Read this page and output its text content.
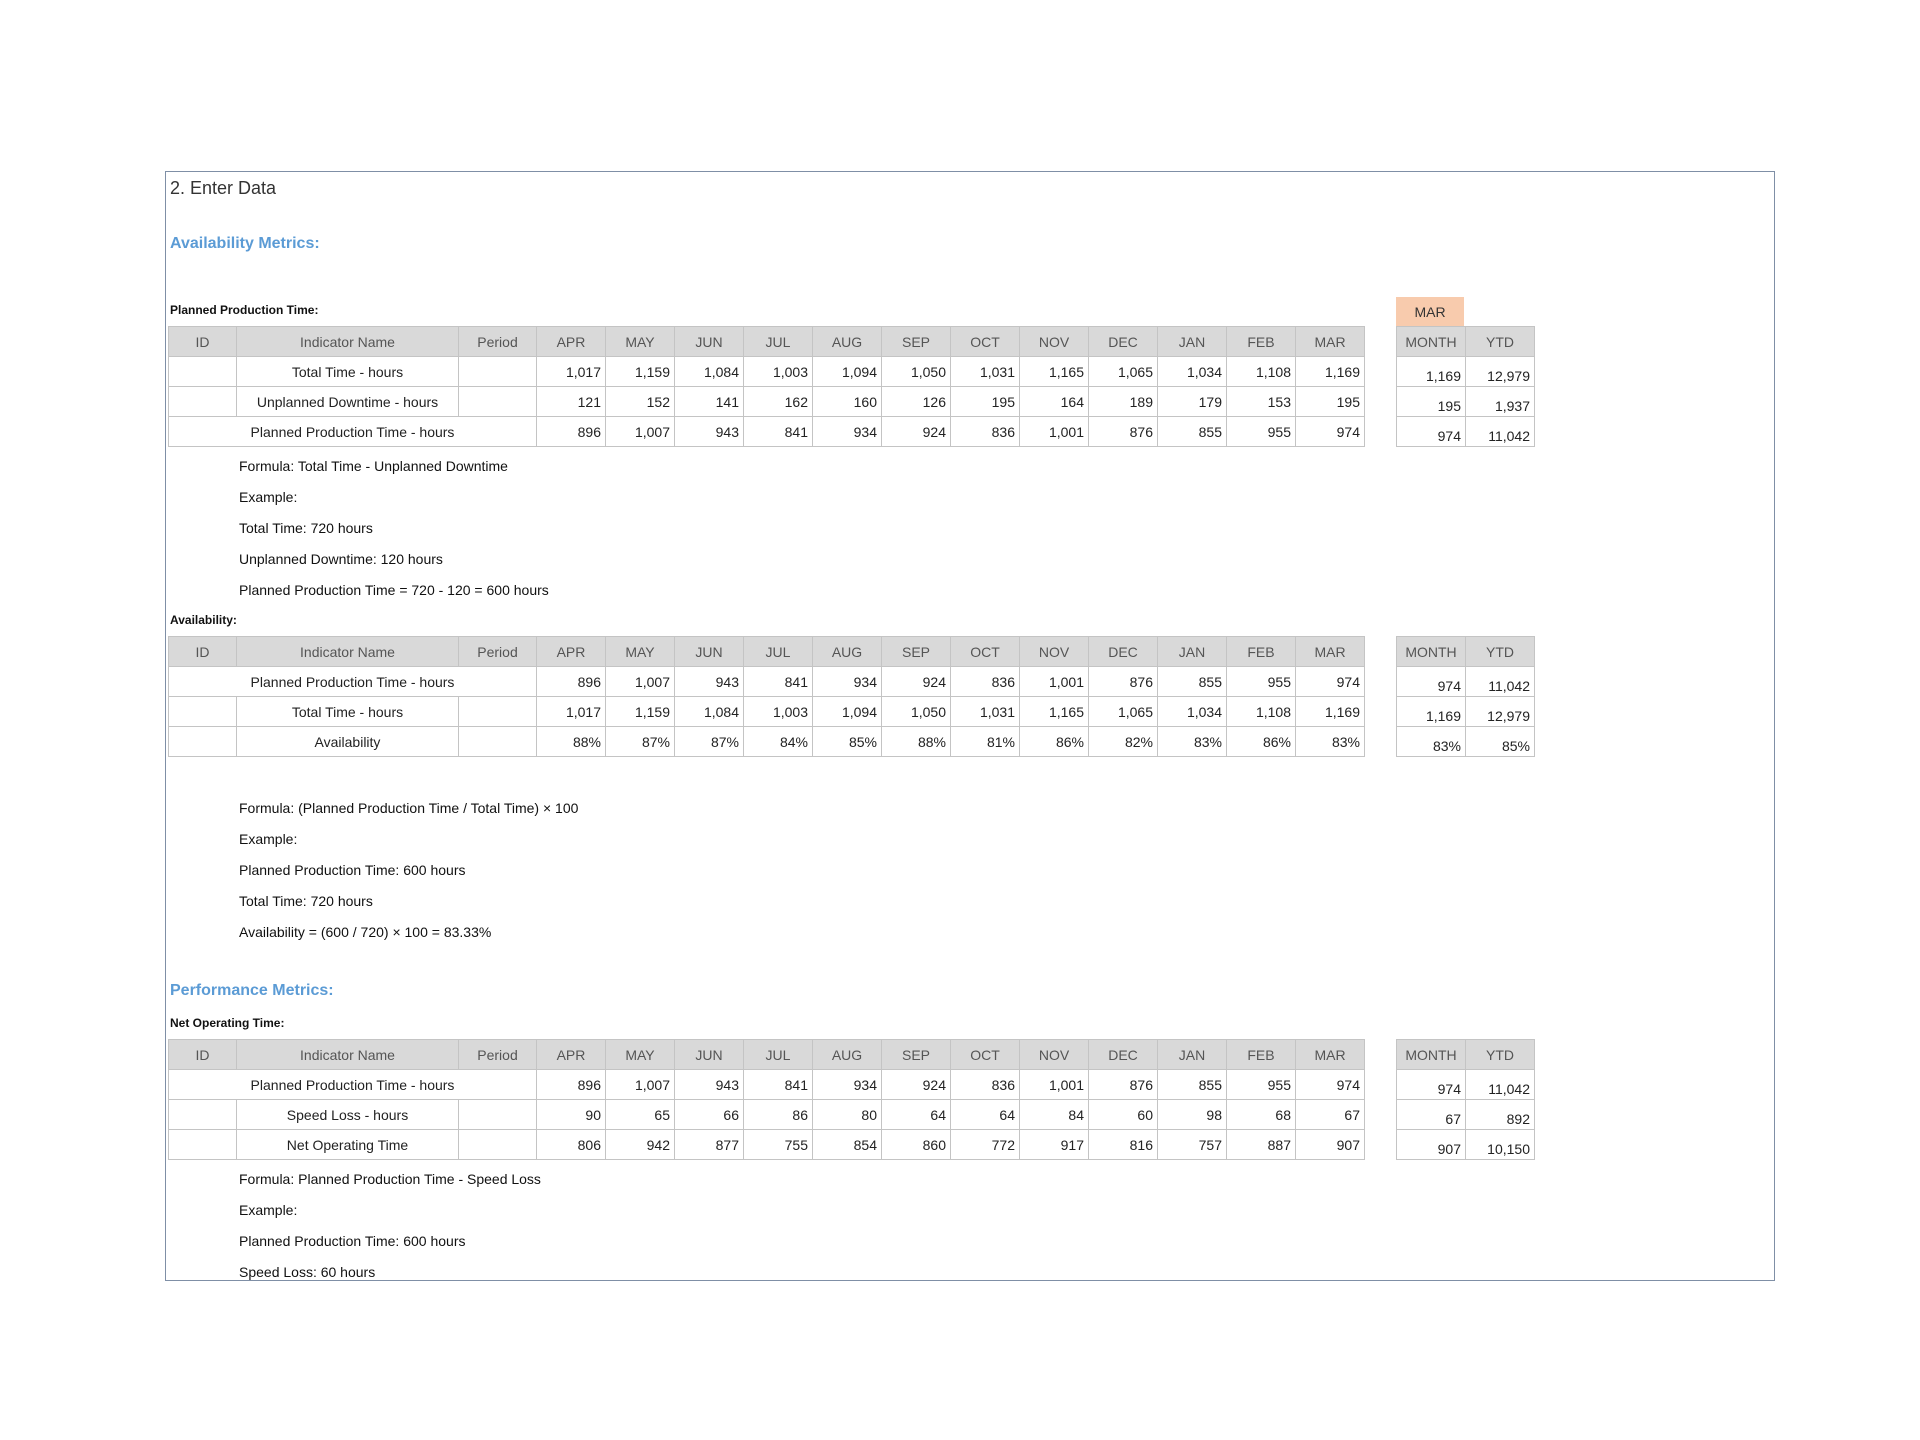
2. Enter Data
Availability Metrics:
Planned Production Time:	MAR
ID	Indicator Name	Period	APR	MAY	JUN	JUL	AUG	SEP	OCT	NOV	DEC	JAN	FEB	MAR
	Total Time - hours		1,017	1,159	1,084	1,003	1,094	1,050	1,031	1,165	1,065	1,034	1,108	1,169
	Unplanned Downtime - hours		121	152	141	162	160	126	195	164	189	179	153	195
Planned Production Time - hours			896	1,007	943	841	934	924	836	1,001	876	855	955	974
MONTH	YTD
1,169	12,979
195	1,937
974	11,042
Formula: Total Time - Unplanned Downtime
Example:
Total Time: 720 hours
Unplanned Downtime: 120 hours
Planned Production Time = 720 - 120 = 600 hours
Availability:
ID	Indicator Name	Period	APR	MAY	JUN	JUL	AUG	SEP	OCT	NOV	DEC	JAN	FEB	MAR
Planned Production Time - hours			896	1,007	943	841	934	924	836	1,001	876	855	955	974
	Total Time - hours		1,017	1,159	1,084	1,003	1,094	1,050	1,031	1,165	1,065	1,034	1,108	1,169
	Availability		88%	87%	87%	84%	85%	88%	81%	86%	82%	83%	86%	83%
MONTH	YTD
974	11,042
1,169	12,979
83%	85%
Formula: (Planned Production Time / Total Time) × 100
Example:
Planned Production Time: 600 hours
Total Time: 720 hours
Availability = (600 / 720) × 100 = 83.33%
Performance Metrics:
Net Operating Time:
ID	Indicator Name	Period	APR	MAY	JUN	JUL	AUG	SEP	OCT	NOV	DEC	JAN	FEB	MAR
Planned Production Time - hours			896	1,007	943	841	934	924	836	1,001	876	855	955	974
	Speed Loss - hours		90	65	66	86	80	64	64	84	60	98	68	67
	Net Operating Time		806	942	877	755	854	860	772	917	816	757	887	907
MONTH	YTD
974	11,042
67	892
907	10,150
Formula: Planned Production Time - Speed Loss
Example:
Planned Production Time: 600 hours
Speed Loss: 60 hours
